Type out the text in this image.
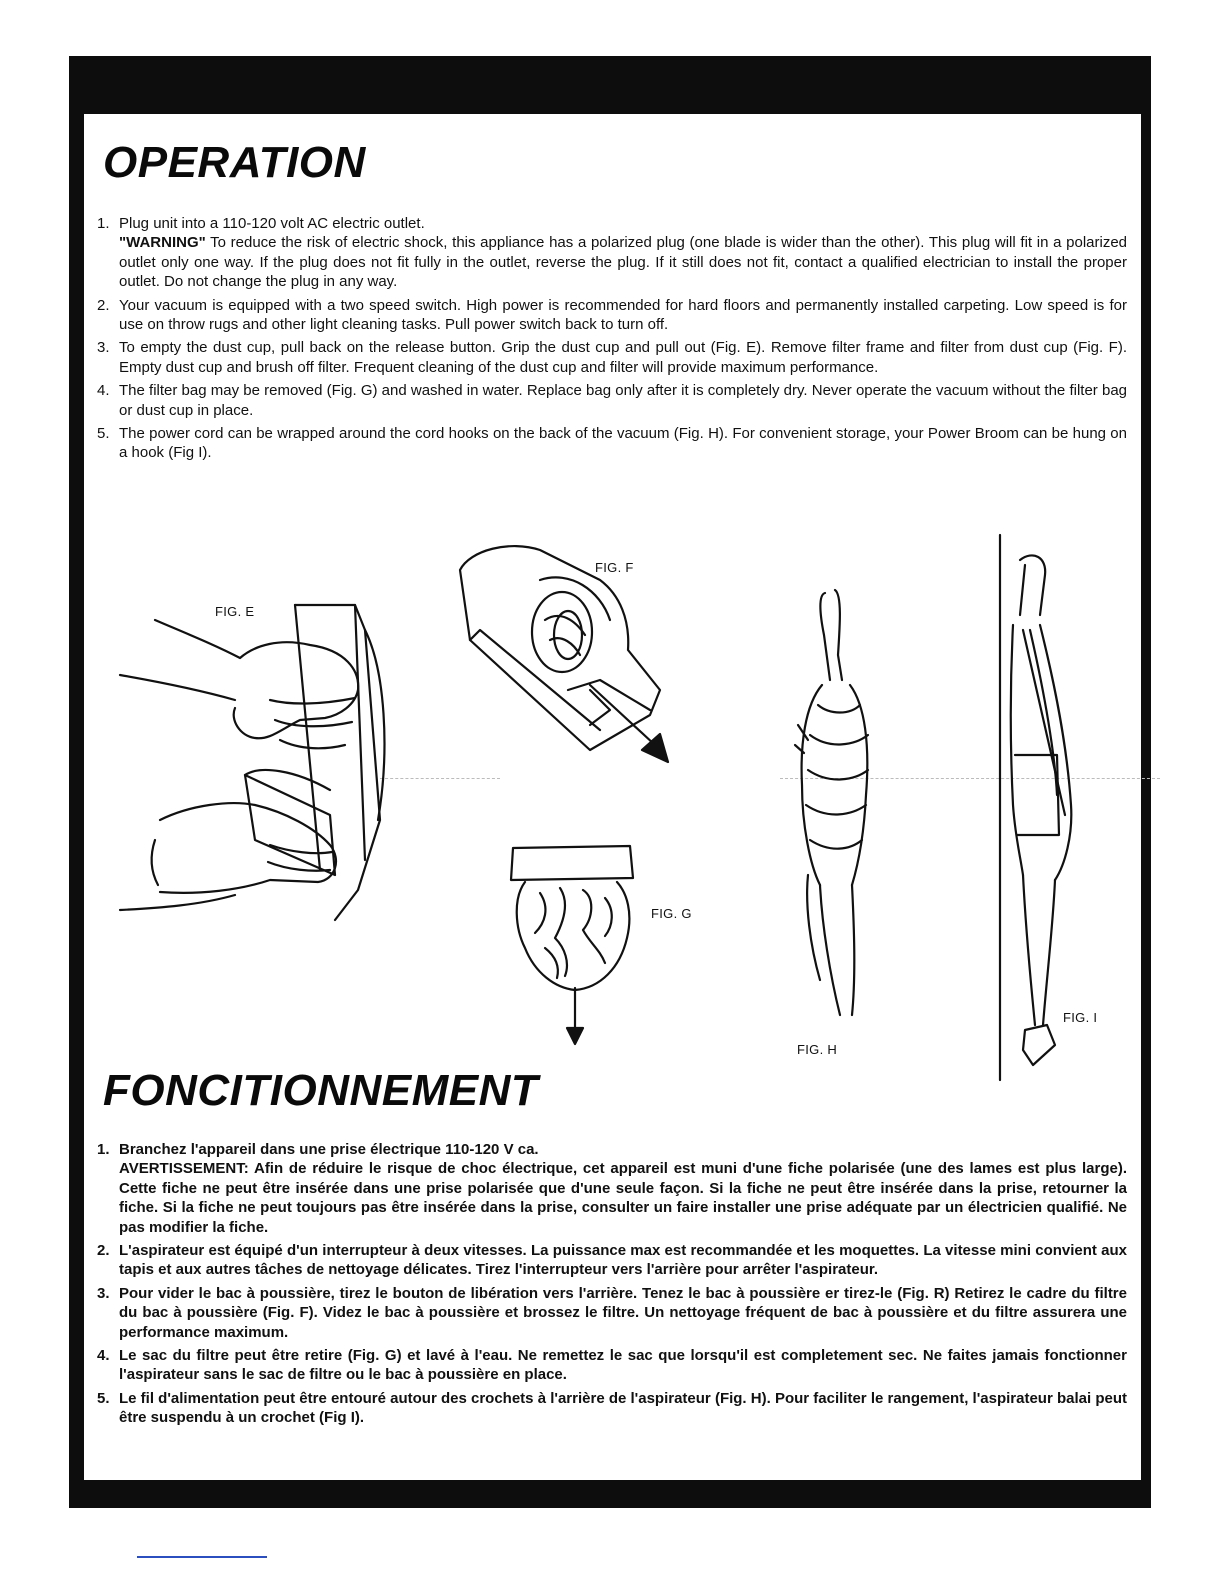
OPERATION
1. Plug unit into a 110-120 volt AC electric outlet.
"WARNING" To reduce the risk of electric shock, this appliance has a polarized plug (one blade is wider than the other). This plug will fit in a polarized outlet only one way. If the plug does not fit fully in the outlet, reverse the plug. If it still does not fit, contact a qualified electrician to install the proper outlet. Do not change the plug in any way.
2. Your vacuum is equipped with a two speed switch. High power is recommended for hard floors and permanently installed carpeting. Low speed is for use on throw rugs and other light cleaning tasks. Pull power switch back to turn off.
3. To empty the dust cup, pull back on the release button. Grip the dust cup and pull out (Fig. E). Remove filter frame and filter from dust cup (Fig. F). Empty dust cup and brush off filter. Frequent cleaning of the dust cup and filter will provide maximum performance.
4. The filter bag may be removed (Fig. G) and washed in water. Replace bag only after it is completely dry. Never operate the vacuum without the filter bag or dust cup in place.
5. The power cord can be wrapped around the cord hooks on the back of the vacuum (Fig. H). For convenient storage, your Power Broom can be hung on a hook (Fig I).
FIG. E
FIG. F
FIG. G
FIG. H
FIG. I
FONCITIONNEMENT
1. Branchez l'appareil dans une prise électrique 110-120 V ca.
AVERTISSEMENT: Afin de réduire le risque de choc électrique, cet appareil est muni d'une fiche polarisée (une des lames est plus large). Cette fiche ne peut être insérée dans une prise polarisée que d'une seule façon. Si la fiche ne peut être insérée dans la prise, retourner la fiche. Si la fiche ne peut toujours pas être insérée dans la prise, consulter un faire installer une prise adéquate par un électricien qualifié. Ne pas modifier la fiche.
2. L'aspirateur est équipé d'un interrupteur à deux vitesses. La puissance max est recommandée et les moquettes. La vitesse mini convient aux tapis et aux autres tâches de nettoyage délicates. Tirez l'interrupteur vers l'arrière pour arrêter l'aspirateur.
3. Pour vider le bac à poussière, tirez le bouton de libération vers l'arrière. Tenez le bac à poussière er tirez-le (Fig. R) Retirez le cadre du filtre du bac à poussière (Fig. F). Videz le bac à poussière et brossez le filtre. Un nettoyage fréquent de bac à poussière et du filtre assurera une performance maximum.
4. Le sac du filtre peut être retire (Fig. G) et lavé à l'eau. Ne remettez le sac que lorsqu'il est completement sec. Ne faites jamais fonctionner l'aspirateur sans le sac de filtre ou le bac à poussière en place.
5. Le fil d'alimentation peut être entouré autour des crochets à l'arrière de l'aspirateur (Fig. H). Pour faciliter le rangement, l'aspirateur balai peut être suspendu à un crochet (Fig I).
